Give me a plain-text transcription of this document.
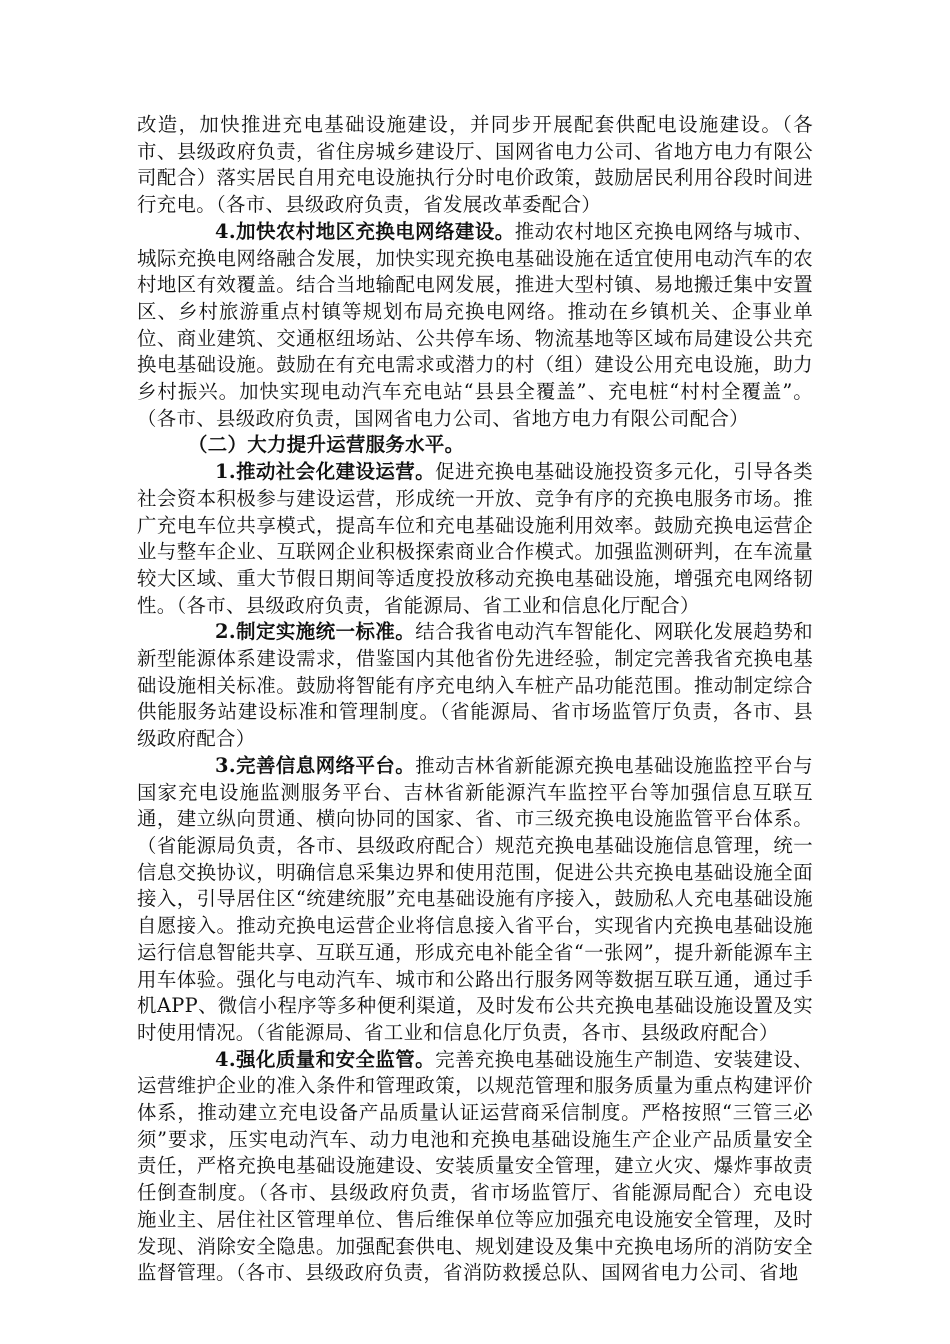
改造，加快推进充电基础设施建设，并同步开展配套供配电设施建设。（各市、县级政府负责，省住房城乡建设厅、国网省电力公司、省地方电力有限公司配合）落实居民自用充电设施执行分时电价政策，鼓励居民利用谷段时间进行充电。（各市、县级政府负责，省发展改革委配合）

4.加快农村地区充换电网络建设。推动农村地区充换电网络与城市、城际充换电网络融合发展，加快实现充换电基础设施在适宜使用电动汽车的农村地区有效覆盖。结合当地输配电网发展，推进大型村镇、易地搬迁集中安置区、乡村旅游重点村镇等规划布局充换电网络。推动在乡镇机关、企事业单位、商业建筑、交通枢纽场站、公共停车场、物流基地等区域布局建设公共充换电基础设施。鼓励在有充电需求或潜力的村（组）建设公用充电设施，助力乡村振兴。加快实现电动汽车充电站“县县全覆盖”、充电桩“村村全覆盖”。（各市、县级政府负责，国网省电力公司、省地方电力有限公司配合）

（二）大力提升运营服务水平。

1.推动社会化建设运营。促进充换电基础设施投资多元化，引导各类社会资本积极参与建设运营，形成统一开放、竞争有序的充换电服务市场。推广充电车位共享模式，提高车位和充电基础设施利用效率。鼓励充换电运营企业与整车企业、互联网企业积极探索商业合作模式。加强监测研判，在车流量较大区域、重大节假日期间等适度投放移动充换电基础设施，增强充电网络韧性。（各市、县级政府负责，省能源局、省工业和信息化厅配合）

2.制定实施统一标准。结合我省电动汽车智能化、网联化发展趋势和新型能源体系建设需求，借鉴国内其他省份先进经验，制定完善我省充换电基础设施相关标准。鼓励将智能有序充电纳入车桩产品功能范围。推动制定综合供能服务站建设标准和管理制度。（省能源局、省市场监管厅负责，各市、县级政府配合）

3.完善信息网络平台。推动吉林省新能源充换电基础设施监控平台与国家充电设施监测服务平台、吉林省新能源汽车监控平台等加强信息互联互通，建立纵向贯通、横向协同的国家、省、市三级充换电设施监管平台体系。（省能源局负责，各市、县级政府配合）规范充换电基础设施信息管理，统一信息交换协议，明确信息采集边界和使用范围，促进公共充换电基础设施全面接入，引导居住区“统建统服”充电基础设施有序接入，鼓励私人充电基础设施自愿接入。推动充换电运营企业将信息接入省平台，实现省内充换电基础设施运行信息智能共享、互联互通，形成充电补能全省“一张网”，提升新能源车主用车体验。强化与电动汽车、城市和公路出行服务网等数据互联互通，通过手机APP、微信小程序等多种便利渠道，及时发布公共充换电基础设施设置及实时使用情况。（省能源局、省工业和信息化厅负责，各市、县级政府配合）

4.强化质量和安全监管。完善充换电基础设施生产制造、安装建设、运营维护企业的准入条件和管理政策，以规范管理和服务质量为重点构建评价体系，推动建立充电设备产品质量认证运营商采信制度。严格按照“三管三必须”要求，压实电动汽车、动力电池和充换电基础设施生产企业产品质量安全责任，严格充换电基础设施建设、安装质量安全管理，建立火灾、爆炸事故责任倒查制度。（各市、县级政府负责，省市场监管厅、省能源局配合）充电设施业主、居住社区管理单位、售后维保单位等应加强充电设施安全管理，及时发现、消除安全隐患。加强配套供电、规划建设及集中充换电场所的消防安全监督管理。（各市、县级政府负责，省消防救援总队、国网省电力公司、省地
